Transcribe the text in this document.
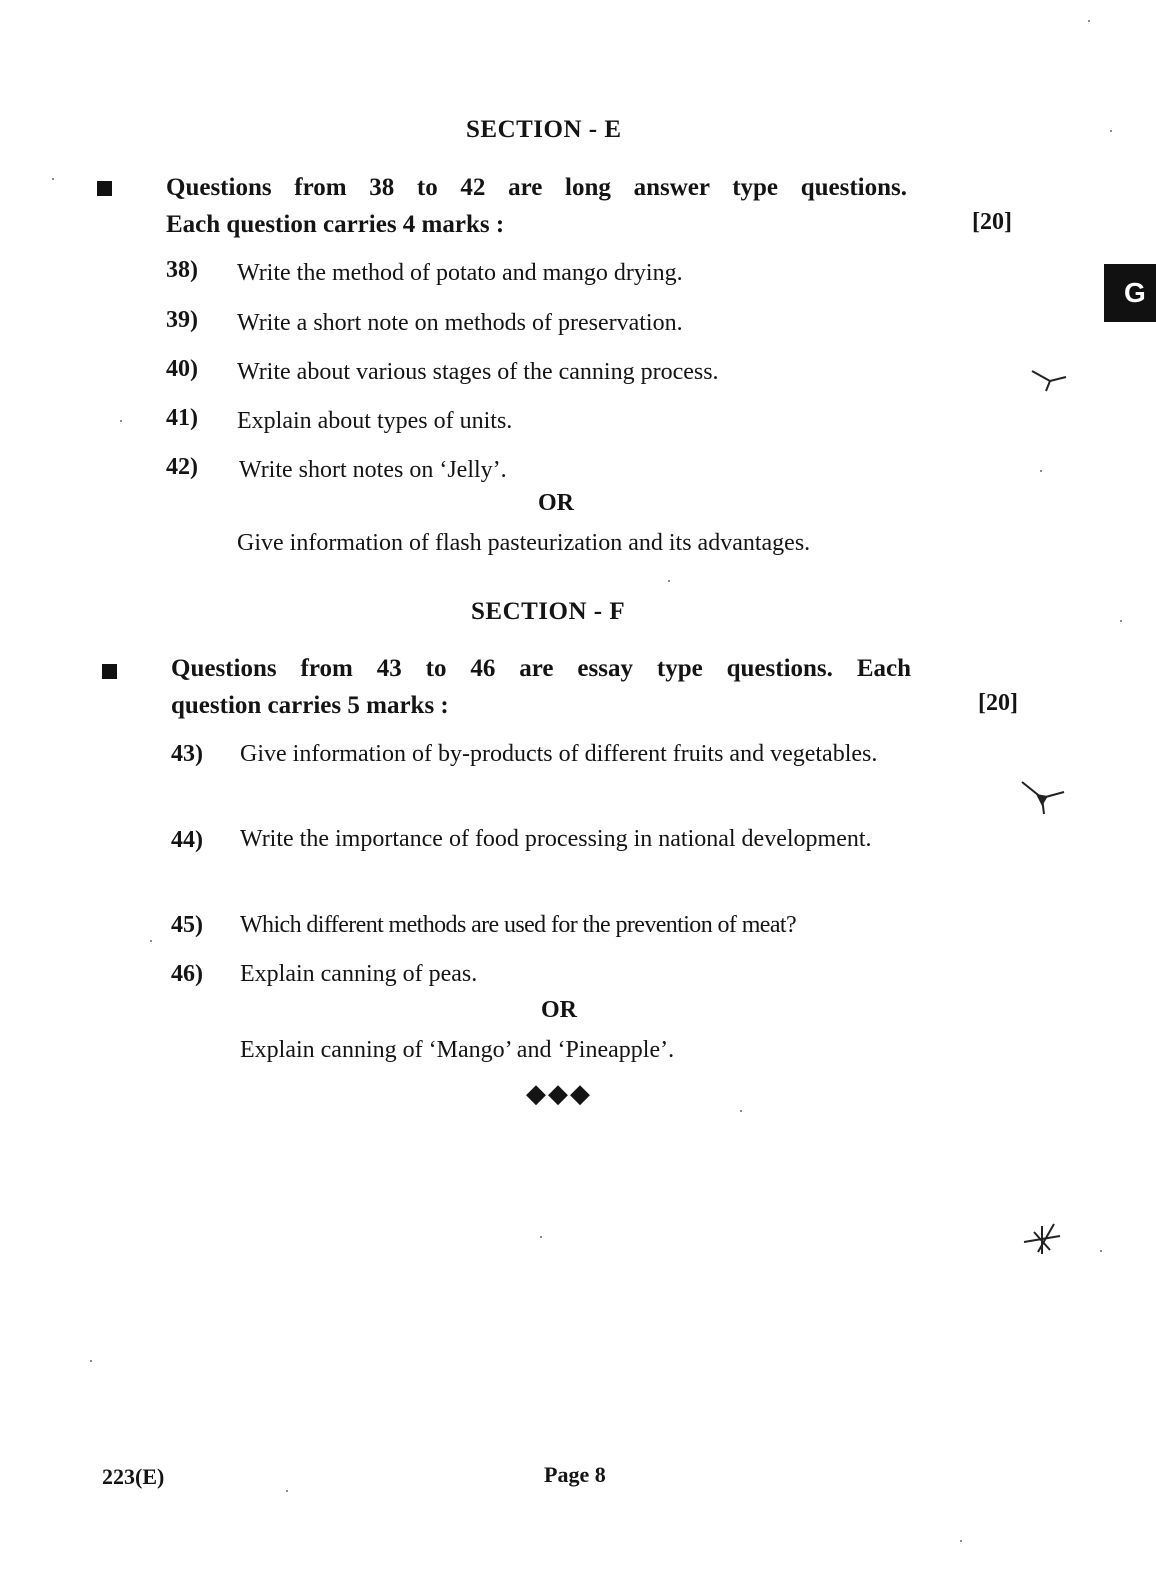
G
SECTION - E
Questions from 38 to 42 are long answer type questions.
Each question carries 4 marks :	[20]
38) Write the method of potato and mango drying.
39) Write a short note on methods of preservation.
40) Write about various stages of the canning process.
41) Explain about types of units.
42) Write short notes on ‘Jelly’.
OR
Give information of flash pasteurization and its advantages.
SECTION - F
Questions from 43 to 46 are essay type questions. Each
question carries 5 marks :	[20]
43) Give information of by-products of different fruits and vegetables.
44) Write the importance of food processing in national development.
45) Which different methods are used for the prevention of meat?
46) Explain canning of peas.
OR
Explain canning of ‘Mango’ and ‘Pineapple’.
◆◆◆
223(E)	Page 8
